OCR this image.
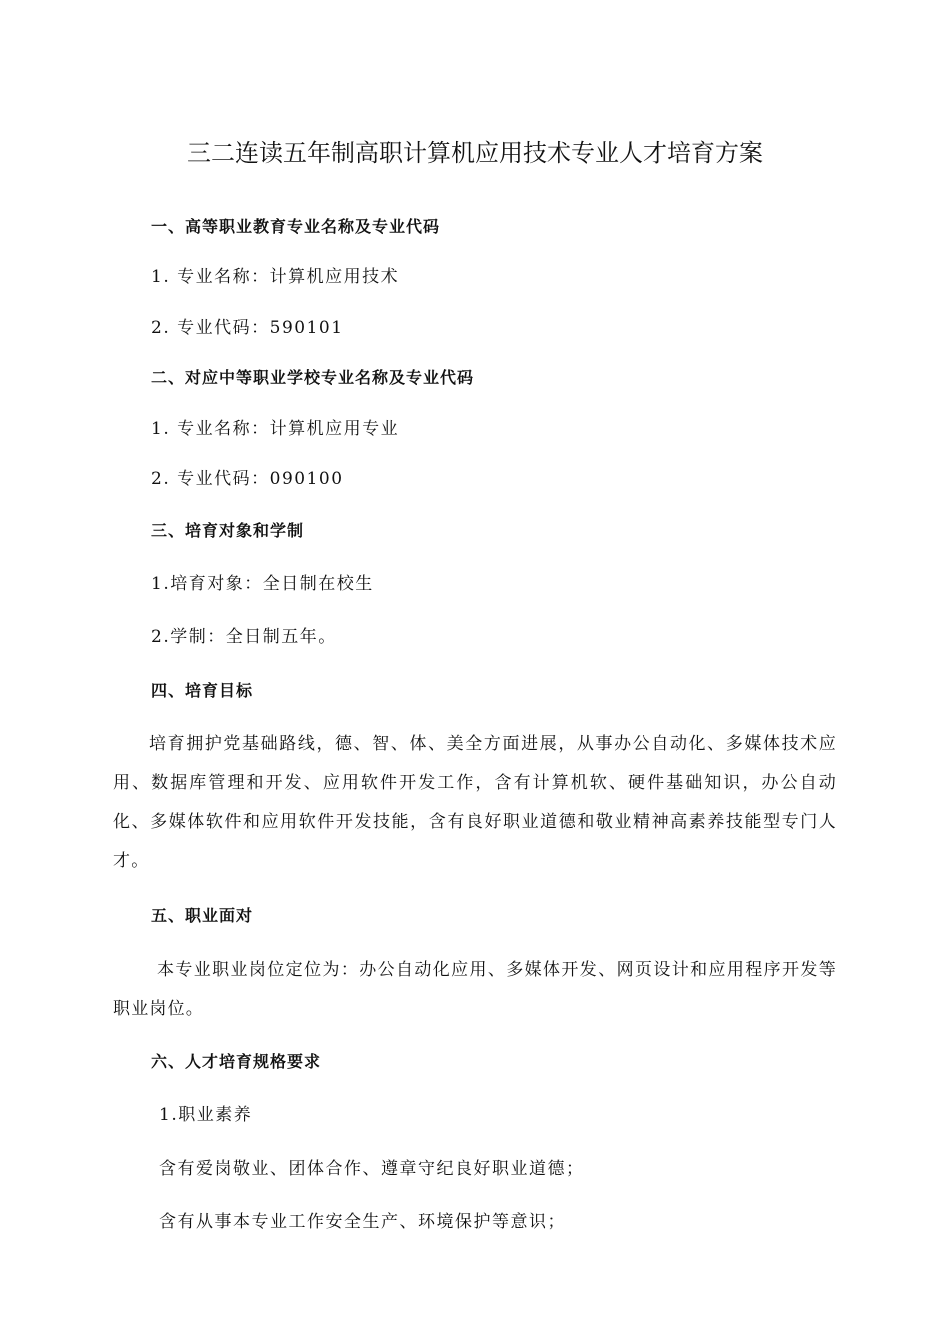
三二连读五年制高职计算机应用技术专业人才培育方案
一、高等职业教育专业名称及专业代码
1. 专业名称：计算机应用技术
2. 专业代码：590101
二、对应中等职业学校专业名称及专业代码
1. 专业名称：计算机应用专业
2. 专业代码：090100
三、培育对象和学制
1.培育对象：全日制在校生
2.学制：全日制五年。
四、培育目标
培育拥护党基础路线，德、智、体、美全方面进展，从事办公自动化、多媒体技术应用、数据库管理和开发、应用软件开发工作，含有计算机软、硬件基础知识，办公自动化、多媒体软件和应用软件开发技能，含有良好职业道德和敬业精神高素养技能型专门人才。
五、职业面对
本专业职业岗位定位为：办公自动化应用、多媒体开发、网页设计和应用程序开发等职业岗位。
六、人才培育规格要求
1.职业素养
含有爱岗敬业、团体合作、遵章守纪良好职业道德；
含有从事本专业工作安全生产、环境保护等意识；
